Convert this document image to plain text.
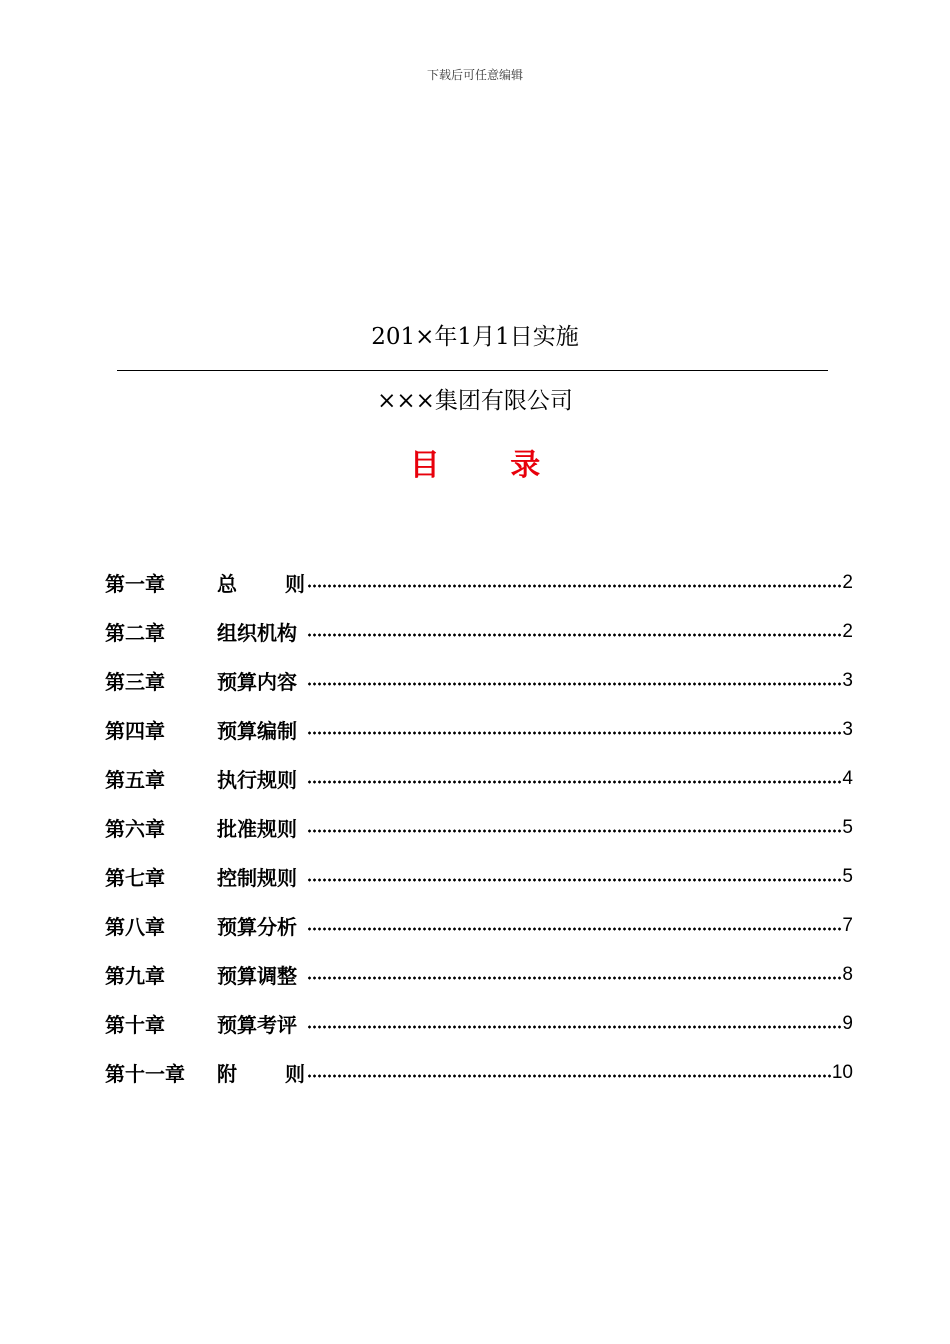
下载后可任意编辑
201×年1月1日实施
×××集团有限公司
目 录
第一章	总 则	2
第二章	组织机构	2
第三章	预算内容	3
第四章	预算编制	3
第五章	执行规则	4
第六章	批准规则	5
第七章	控制规则	5
第八章	预算分析	7
第九章	预算调整	8
第十章	预算考评	9
第十一章	附 则	10
